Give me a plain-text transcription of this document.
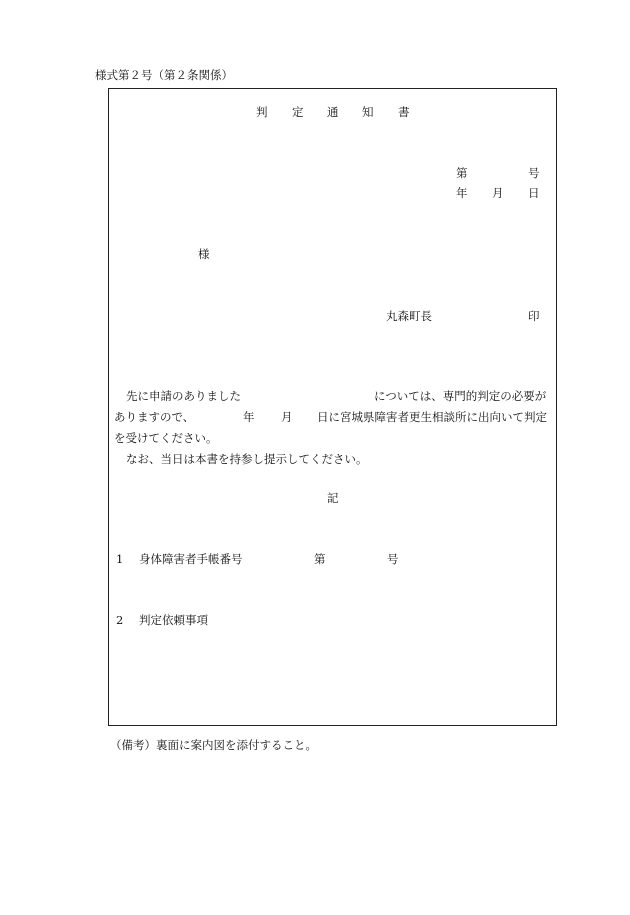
様式第２号（第２条関係）
判 定 通 知 書
第	号
年 月 日
様
丸森町長	印
先に申請のありました	については、専門的判定の必要が
ありますので、	年 月 日に宮城県障害者更生相談所に出向いて判定
を受けてください。
なお、当日は本書を持参し提示してください。
記
1 身体障害者手帳番号	第	号
2 判定依頼事項
（備考）裏面に案内図を添付すること。
